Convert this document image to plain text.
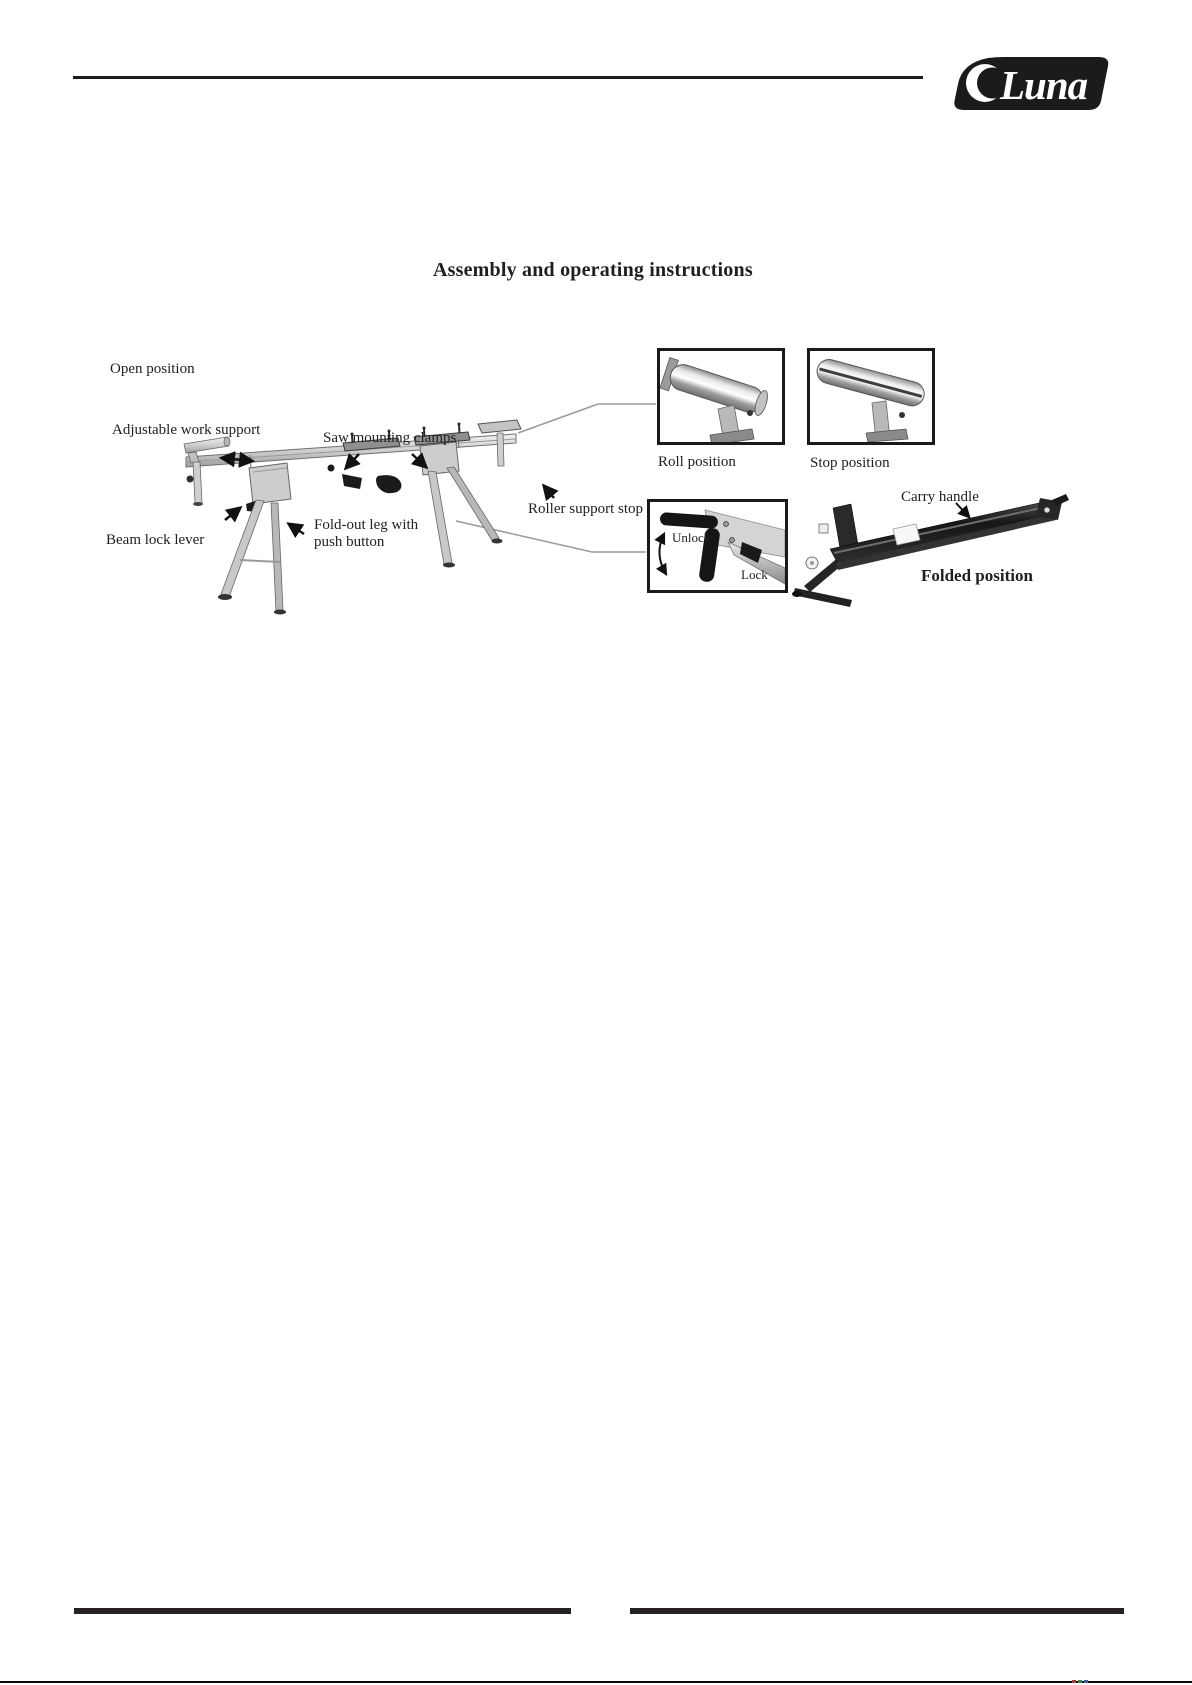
Luna
Assembly and operating instructions
Open position
Adjustable work support	Saw mounting clamps
Beam lock lever
Fold-out leg with
push button
Roller support stop
Roll position	Stop position
Unlock
Lock
Carry handle
Folded position
